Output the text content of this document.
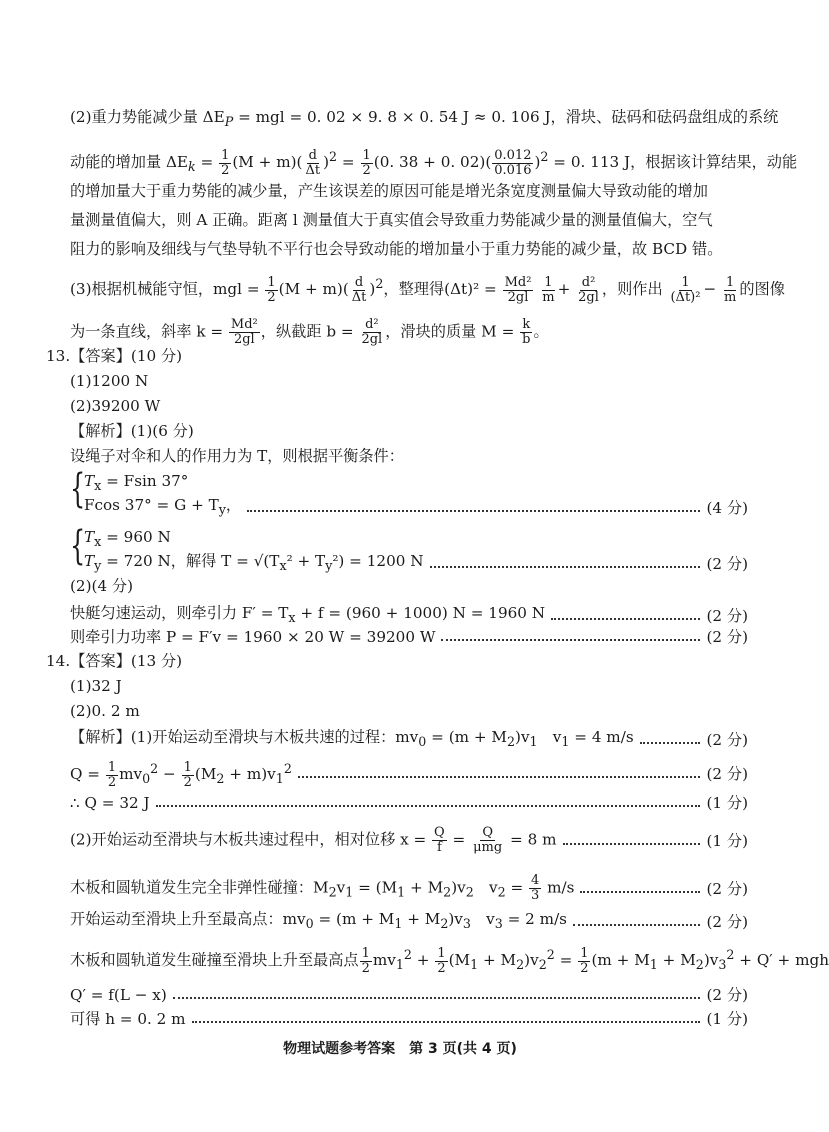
(2)重力势能减少量 $\Delta E_P$ = mgl = 0. 02 × 9. 8 × 0. 54 J ≈ 0. 106 J，滑块、砝码和砝码盘组成的系统
动能的增加量 $\Delta E_k = \frac{1}{2} (M + m)( \frac{d}{\Delta t} )^2 = \frac{1}{2} (0$. 38 + 0. $02)( \frac{0.012}{0.016} )^2 = 0$. 113 J，根据该计算结果，动能
的增加量大于重力势能的减少量，产生该误差的原因可能是增光条宽度测量偏大导致动能的增加
量测量值偏大，则 A 正确。距离 l 测量值大于真实值会导致重力势能减少量的测量值偏大，空气
阻力的影响及细线与气垫导轨不平行也会导致动能的增加量小于重力势能的减少量，故 BCD 错。
(3)根据机械能守恒，mgl = $\frac{1}{2} (M + m)( \frac{d}{\Delta t} )^2$，整理得$(\Delta t)^2 = \frac{\text{Md²}}{2gl}$
$\frac{1}{m} + \frac{\text{d²}}{2gl}$ ，则作出 $\frac{1}{\text{(Δt)²}} - \frac{1}{m}$ 的图像
为一条直线，斜率 $k = \frac{\text{Md²}}{2gl}$ ，纵截距 $b = \frac{\text{d²}}{2gl}$ ，滑块的质量 $M = \frac{k}{b}$ 。
13.【答案】(10 分)
(1)1200 N
(2)39200 W
【解析】(1)(6 分)
设绳子对伞和人的作用力为 T，则根据平衡条件：
{
$T_x = Fsin$ 37°
Fcos $37^\circ = G + T_y$，	(4 分)
{
$T_x = 960$ N
$T_y = 720$ N，解得 $T = √(T_x^2 + T_y^2) = 1200$ N	(2 分)
(2)(4 分)
快艇匀速运动，则牵引力 $F' = T_x + f = (960 + 1000) N = 1960$ N	(2 分)
则牵引力功率 P = F′v = 1960 × 20 W = 39200 W	(2 分)
14.【答案】(13 分)
(1)32 J
(2)0. 2 m
【解析】(1)开始运动至滑块与木板共速的过程：$mv_0 = (m + M_2)v_1$　$v_1 = 4$ m/s	(2 分)
$Q = \frac{1}{2} mv_0^2 - \frac{1}{2} (M_2 + m)v_1^2$	(2 分)
∴ Q = 32 J	(1 分)
(2)开始运动至滑块与木板共速过程中，相对位移 $x = \frac{Q}{f} = \frac{Q}{\text{μmg}} = 8$ m	(1 分)
木板和圆轨道发生完全非弹性碰撞：$M_2v_1 = (M_1 + M_2)v_2$　$v_2 = \frac{4}{3} m/s$	(2 分)
开始运动至滑块上升至最高点：$mv_0 = (m + M_1 + M_2)v_3$　$v_3 = 2$ m/s	(2 分)
木板和圆轨道发生碰撞至滑块上升至最高点 $\frac{1}{2} mv_1^2 + \frac{1}{2} (M_1 + M_2)v_2^2 = \frac{1}{2} (m + M_1 + M_2)v_3^2 + Q'$ + mgh
Q′ = f(L − x)	(2 分)
可得 h = 0. 2 m	(1 分)
物理试题参考答案　第 3 页(共 4 页)
